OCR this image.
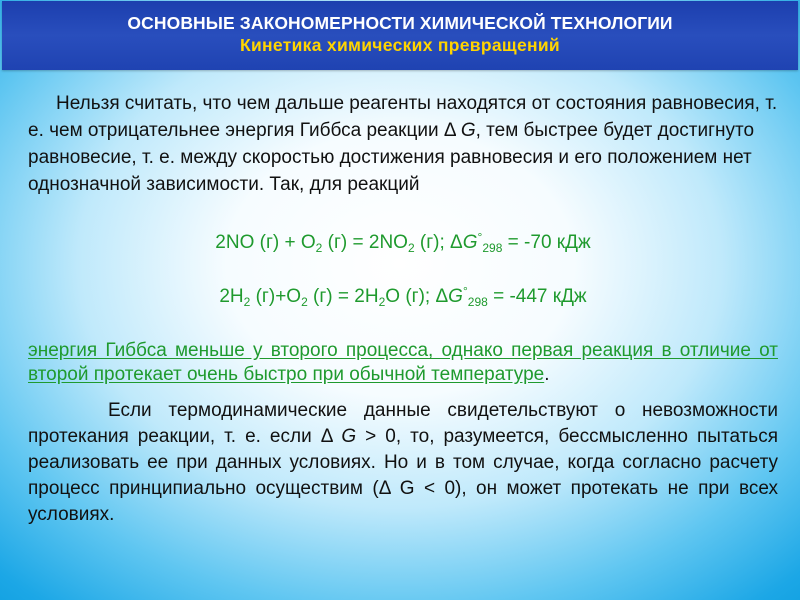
ОСНОВНЫЕ ЗАКОНОМЕРНОСТИ ХИМИЧЕСКОЙ ТЕХНОЛОГИИ
Кинетика химических превращений

Нельзя считать, что чем дальше реагенты находятся от состояния равновесия, т. е. чем отрицательнее энергия Гиббса реакции Δ G, тем быстрее будет достигнуто равновесие, т. е. между скоростью достижения равновесия и его положением нет однозначной зависимости. Так, для реакций

2NO $(г) + O_2$ $(г) = 2NO_2$ (г); $\Delta G^\circ_{298} = -70$ кДж

$2H_2$ $(г)+O_2$ $(г) = 2H_2O$ (г); $\Delta G^\circ_{298} = -447$ кДж

энергия Гиббса меньше у второго процесса, однако первая реакция в отличие от второй протекает очень быстро при обычной температуре.

Если термодинамические данные свидетельствуют о невозможности протекания реакции, т. е. если Δ G > 0, то, разумеется, бессмысленно пытаться реализовать ее при данных условиях. Но и в том случае, когда согласно расчету процесс принципиально осуществим (Δ G < 0), он может протекать не при всех условиях.
